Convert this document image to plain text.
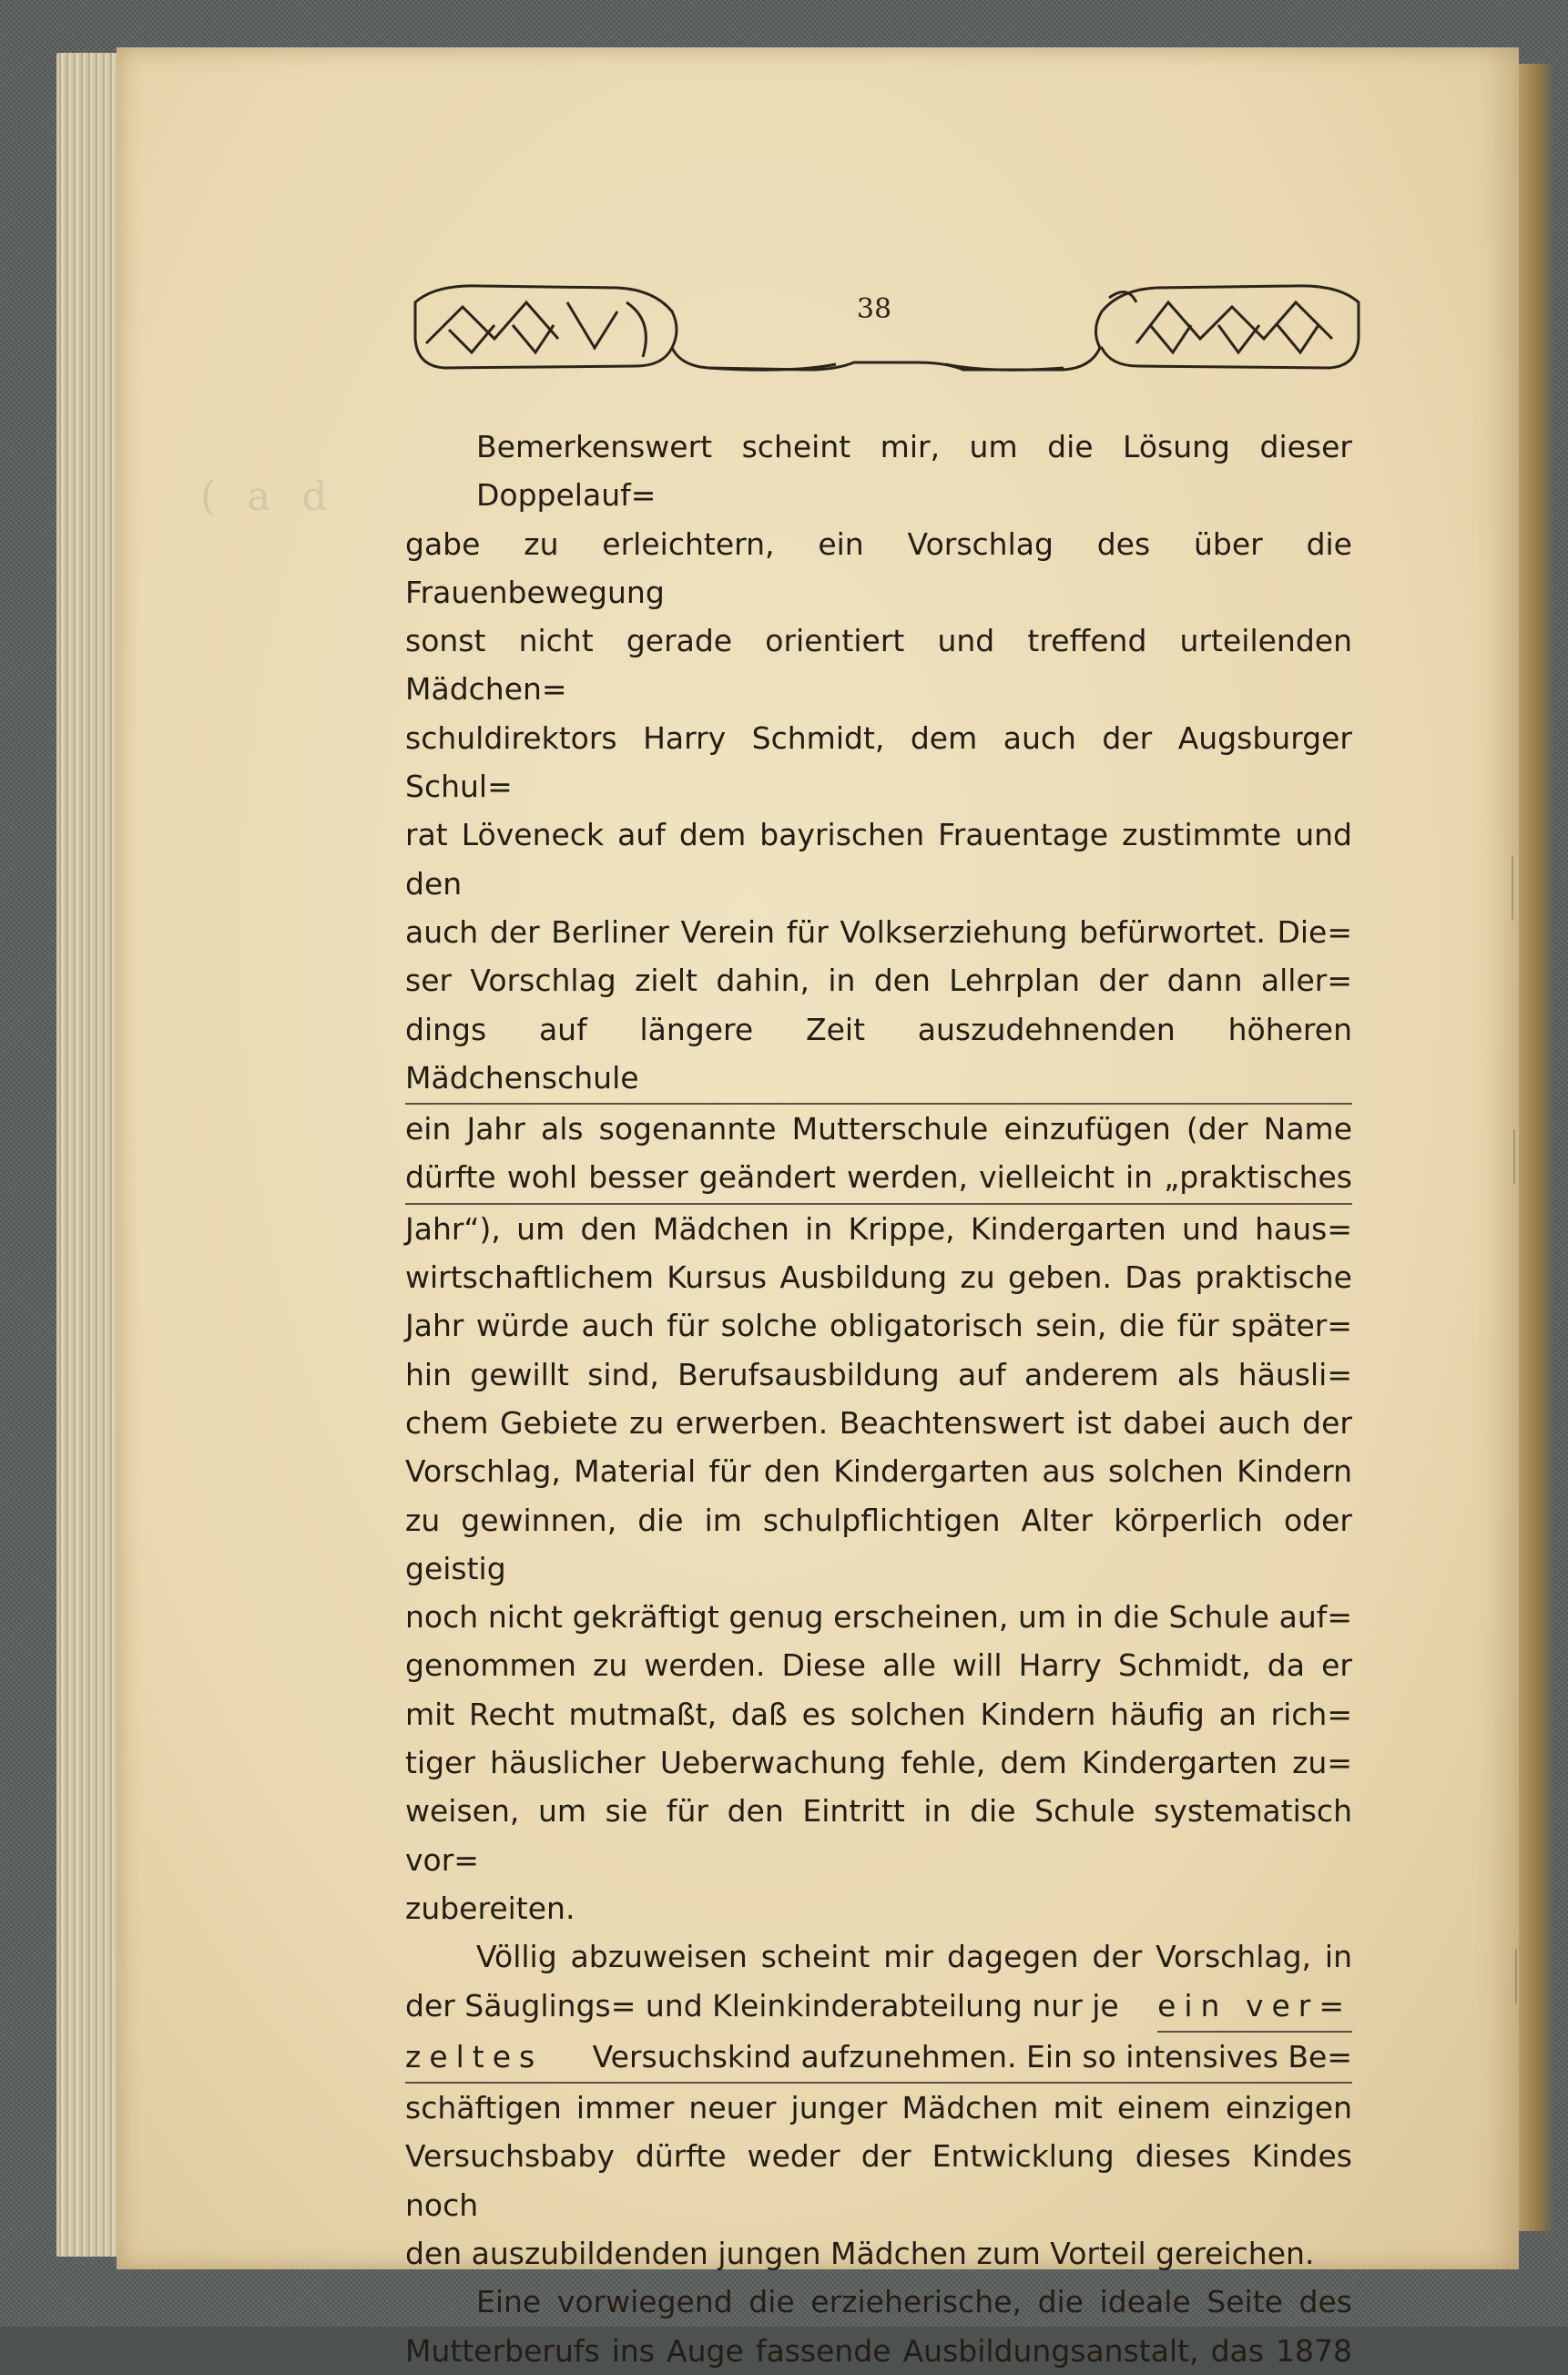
38
( a d
Bemerkenswert scheint mir, um die Lösung dieser Doppelauf=
gabe zu erleichtern, ein Vorschlag des über die Frauenbewegung
sonst nicht gerade orientiert und treffend urteilenden Mädchen=
schuldirektors Harry Schmidt, dem auch der Augsburger Schul=
rat Löveneck auf dem bayrischen Frauentage zustimmte und den
auch der Berliner Verein für Volkserziehung befürwortet. Die=
ser Vorschlag zielt dahin, in den Lehrplan der dann aller=
dings auf längere Zeit auszudehnenden höheren Mädchenschule
ein Jahr als sogenannte Mutterschule einzufügen (der Name
dürfte wohl besser geändert werden, vielleicht in „praktisches
Jahr“), um den Mädchen in Krippe, Kindergarten und haus=
wirtschaftlichem Kursus Ausbildung zu geben. Das praktische
Jahr würde auch für solche obligatorisch sein, die für später=
hin gewillt sind, Berufsausbildung auf anderem als häusli=
chem Gebiete zu erwerben. Beachtenswert ist dabei auch der
Vorschlag, Material für den Kindergarten aus solchen Kindern
zu gewinnen, die im schulpflichtigen Alter körperlich oder geistig
noch nicht gekräftigt genug erscheinen, um in die Schule auf=
genommen zu werden. Diese alle will Harry Schmidt, da er
mit Recht mutmaßt, daß es solchen Kindern häufig an rich=
tiger häuslicher Ueberwachung fehle, dem Kindergarten zu=
weisen, um sie für den Eintritt in die Schule systematisch vor=
zubereiten.
Völlig abzuweisen scheint mir dagegen der Vorschlag, in
der Säuglings= und Kleinkinderabteilung nur je ein ver=
zeltes Versuchskind aufzunehmen. Ein so intensives Be=
schäftigen immer neuer junger Mädchen mit einem einzigen
Versuchsbaby dürfte weder der Entwicklung dieses Kindes noch
den auszubildenden jungen Mädchen zum Vorteil gereichen.
Eine vorwiegend die erzieherische, die ideale Seite des
Mutterberufs ins Auge fassende Ausbildungsanstalt, das 1878
